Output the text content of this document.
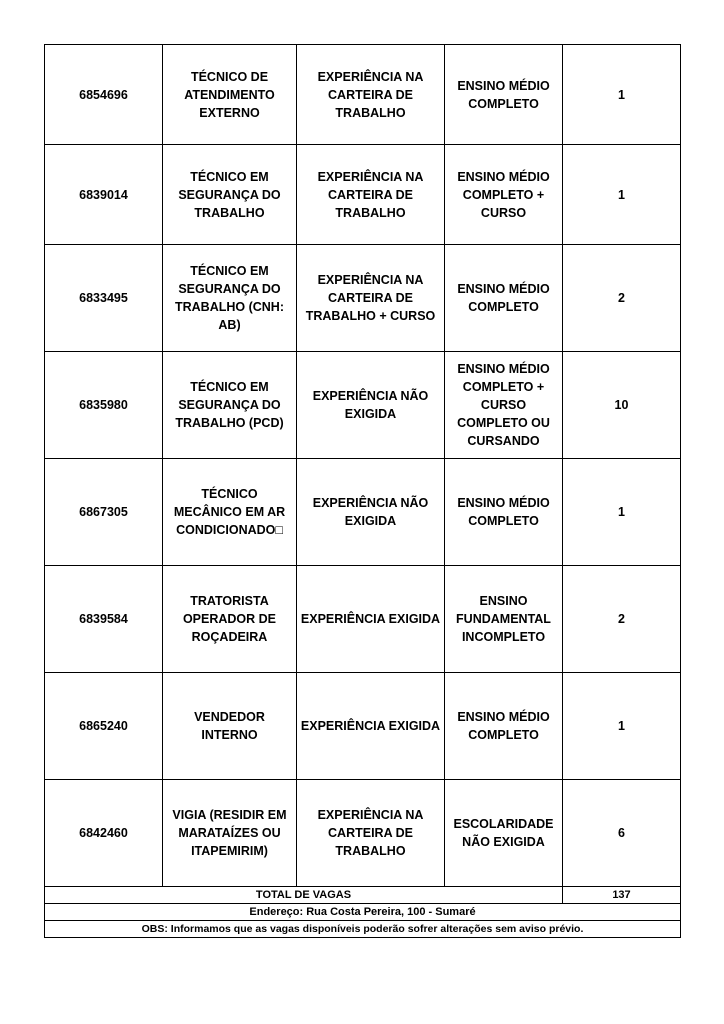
6854696	TÉCNICO DE ATENDIMENTO EXTERNO	EXPERIÊNCIA NA CARTEIRA DE TRABALHO	ENSINO MÉDIO COMPLETO	1
6839014	TÉCNICO EM SEGURANÇA DO TRABALHO	EXPERIÊNCIA NA CARTEIRA DE TRABALHO	ENSINO MÉDIO COMPLETO + CURSO	1
6833495	TÉCNICO EM SEGURANÇA DO TRABALHO (CNH: AB)	EXPERIÊNCIA NA CARTEIRA DE TRABALHO + CURSO	ENSINO MÉDIO COMPLETO	2
6835980	TÉCNICO EM SEGURANÇA DO TRABALHO (PCD)	EXPERIÊNCIA NÃO EXIGIDA	ENSINO MÉDIO COMPLETO + CURSO COMPLETO OU CURSANDO	10
6867305	TÉCNICO MECÂNICO EM AR CONDICIONADO□	EXPERIÊNCIA NÃO EXIGIDA	ENSINO MÉDIO COMPLETO	1
6839584	TRATORISTA OPERADOR DE ROÇADEIRA	EXPERIÊNCIA EXIGIDA	ENSINO FUNDAMENTAL INCOMPLETO	2
6865240	VENDEDOR INTERNO	EXPERIÊNCIA EXIGIDA	ENSINO MÉDIO COMPLETO	1
6842460	VIGIA (RESIDIR EM MARATAÍZES OU ITAPEMIRIM)	EXPERIÊNCIA NA CARTEIRA DE TRABALHO	ESCOLARIDADE NÃO EXIGIDA	6
TOTAL DE VAGAS				137
Endereço: Rua Costa Pereira, 100 - Sumaré				
OBS: Informamos que as vagas disponíveis poderão sofrer alterações sem aviso prévio.				
